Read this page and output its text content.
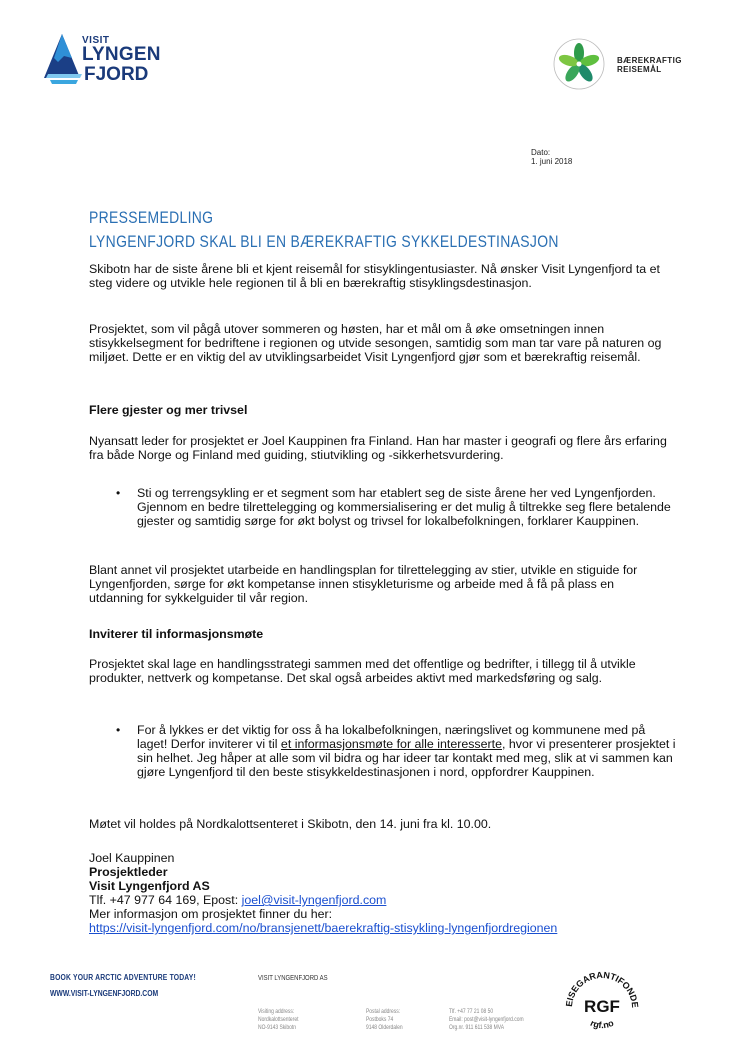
VISIT
LYNGEN
FJORD
BÆREKRAFTIG
REISEMÅL
Dato:
1. juni 2018
PRESSEMEDLING
LYNGENFJORD SKAL BLI EN BÆREKRAFTIG SYKKELDESTINASJON
Skibotn har de siste årene bli et kjent reisemål for stisyklingentusiaster. Nå ønsker Visit Lyngenfjord ta et steg videre og utvikle hele regionen til å bli en bærekraftig stisyklingsdestinasjon.
Prosjektet, som vil pågå utover sommeren og høsten, har et mål om å øke omsetningen innen stisykkelsegment for bedriftene i regionen og utvide sesongen, samtidig som man tar vare på naturen og miljøet. Dette er en viktig del av utviklingsarbeidet Visit Lyngenfjord gjør som et bærekraftig reisemål.
Flere gjester og mer trivsel
Nyansatt leder for prosjektet er Joel Kauppinen fra Finland. Han har master i geografi og flere års erfaring fra både Norge og Finland med guiding, stiutvikling og -sikkerhetsvurdering.
• Sti og terrengsykling er et segment som har etablert seg de siste årene her ved Lyngenfjorden. Gjennom en bedre tilrettelegging og kommersialisering er det mulig å tiltrekke seg flere betalende gjester og samtidig sørge for økt bolyst og trivsel for lokalbefolkningen, forklarer Kauppinen.
Blant annet vil prosjektet utarbeide en handlingsplan for tilrettelegging av stier, utvikle en stiguide for Lyngenfjorden, sørge for økt kompetanse innen stisykleturisme og arbeide med å få på plass en utdanning for sykkelguider til vår region.
Inviterer til informasjonsmøte
Prosjektet skal lage en handlingsstrategi sammen med det offentlige og bedrifter, i tillegg til å utvikle produkter, nettverk og kompetanse. Det skal også arbeides aktivt med markedsføring og salg.
• For å lykkes er det viktig for oss å ha lokalbefolkningen, næringslivet og kommunene med på laget! Derfor inviterer vi til et informasjonsmøte for alle interesserte, hvor vi presenterer prosjektet i sin helhet. Jeg håper at alle som vil bidra og har ideer tar kontakt med meg, slik at vi sammen kan gjøre Lyngenfjord til den beste stisykkeldestinasjonen i nord, oppfordrer Kauppinen.
Møtet vil holdes på Nordkalottsenteret i Skibotn, den 14. juni fra kl. 10.00.
Joel Kauppinen
Prosjektleder
Visit Lyngenfjord AS
Tlf. +47 977 64 169, Epost: joel@visit-lyngenfjord.com
Mer informasjon om prosjektet finner du her:
https://visit-lyngenfjord.com/no/bransjenett/baerekraftig-stisykling-lyngenfjordregionen
BOOK YOUR ARCTIC ADVENTURE TODAY!
WWW.VISIT-LYNGENFJORD.COM
VISIT LYNGENFJORD AS
Visiting address:
Nordkalottsenteret
NO-9143 Skibotn
Postal address:
Postboks 74
9148 Olderdalen
Tlf. +47 77 21 08 50
Email: post@visit-lyngenfjord.com
Org.nr. 911 611 538 MVA
EISEGARANTIFONDE
RGF
rgf.no
